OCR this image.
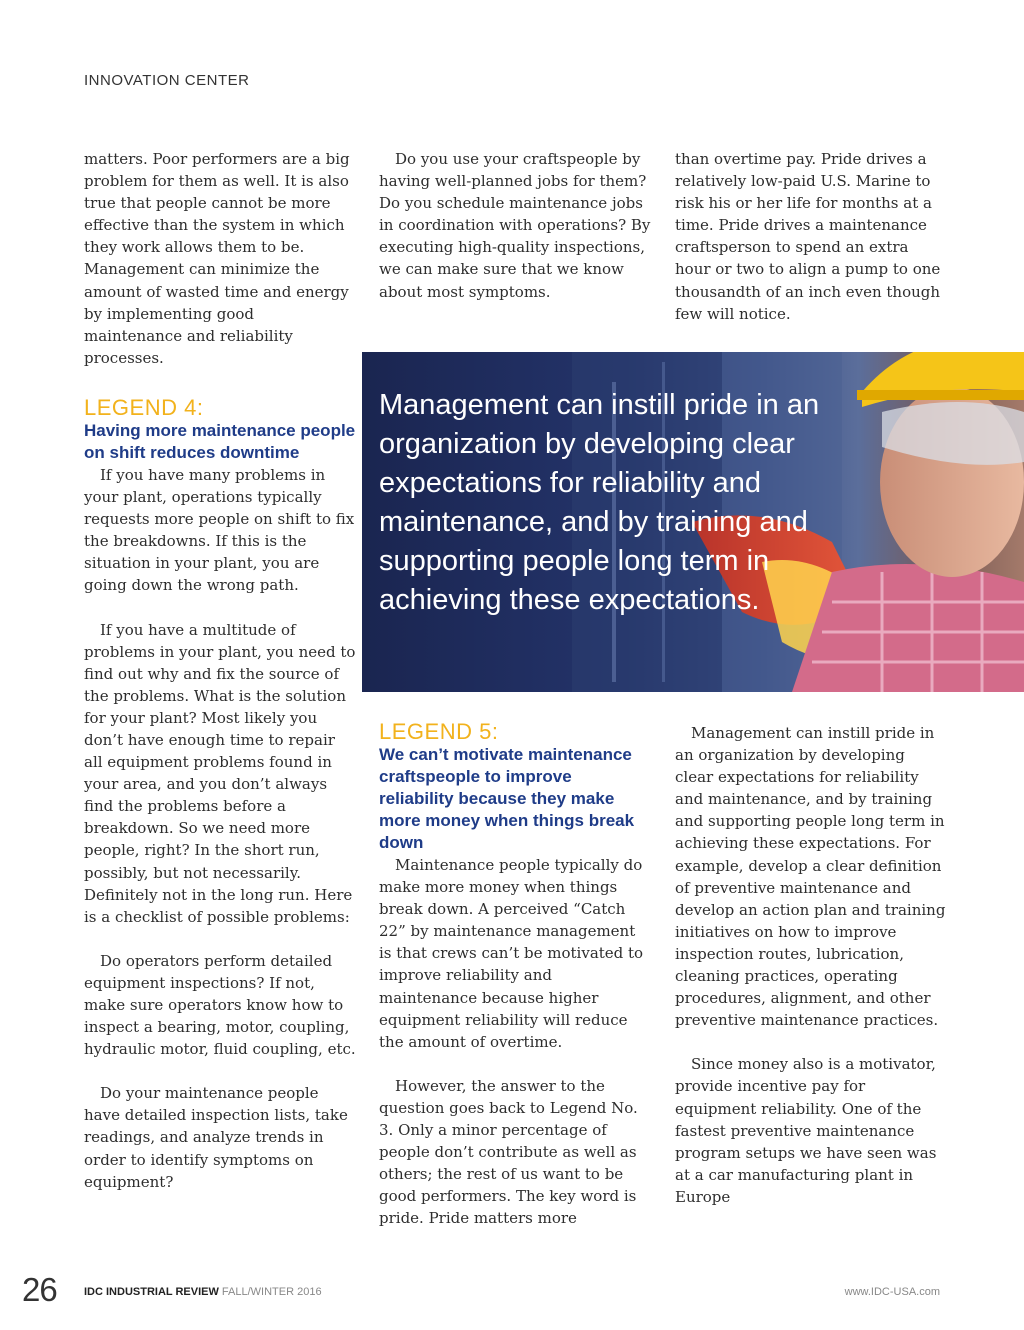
INNOVATION CENTER

matters. Poor performers are a big problem for them as well. It is also true that people cannot be more effective than the system in which they work allows them to be. Management can minimize the amount of wasted time and energy by implementing good maintenance and reliability processes.

LEGEND 4:

Having more maintenance people on shift reduces downtime

If you have many problems in your plant, operations typically requests more people on shift to fix the breakdowns. If this is the situation in your plant, you are going down the wrong path.

If you have a multitude of problems in your plant, you need to find out why and fix the source of the problems. What is the solution for your plant? Most likely you don’t have enough time to repair all equipment problems found in your area, and you don’t always find the problems before a breakdown. So we need more people, right? In the short run, possibly, but not necessarily. Definitely not in the long run. Here is a checklist of possible problems:

Do operators perform detailed equipment inspections? If not, make sure operators know how to inspect a bearing, motor, coupling, hydraulic motor, fluid coupling, etc.

Do your maintenance people have detailed inspection lists, take readings, and analyze trends in order to identify symptoms on equipment?

Do you use your craftspeople by having well-planned jobs for them? Do you schedule maintenance jobs in coordination with operations? By executing high-quality inspections, we can make sure that we know about most symptoms.

than overtime pay. Pride drives a relatively low-paid U.S. Marine to risk his or her life for months at a time. Pride drives a maintenance craftsperson to spend an extra hour or two to align a pump to one thousandth of an inch even though few will notice.

Management can instill pride in an organization by developing clear expectations for reliability and maintenance, and by training and supporting people long term in achieving these expectations.

LEGEND 5:

We can’t motivate maintenance craftspeople to improve reliability because they make more money when things break down

Maintenance people typically do make more money when things break down. A perceived “Catch 22” by maintenance management is that crews can’t be motivated to improve reliability and maintenance because higher equipment reliability will reduce the amount of overtime.

However, the answer to the question goes back to Legend No. 3. Only a minor percentage of people don’t contribute as well as others; the rest of us want to be good performers. The key word is pride. Pride matters more

Management can instill pride in an organization by developing clear expectations for reliability and maintenance, and by training and supporting people long term in achieving these expectations. For example, develop a clear definition of preventive maintenance and develop an action plan and training initiatives on how to improve inspection routes, lubrication, cleaning practices, operating procedures, alignment, and other preventive maintenance practices.

Since money also is a motivator, provide incentive pay for equipment reliability. One of the fastest preventive maintenance program setups we have seen was at a car manufacturing plant in Europe

26 IDC INDUSTRIAL REVIEW FALL/WINTER 2016	www.IDC-USA.com
